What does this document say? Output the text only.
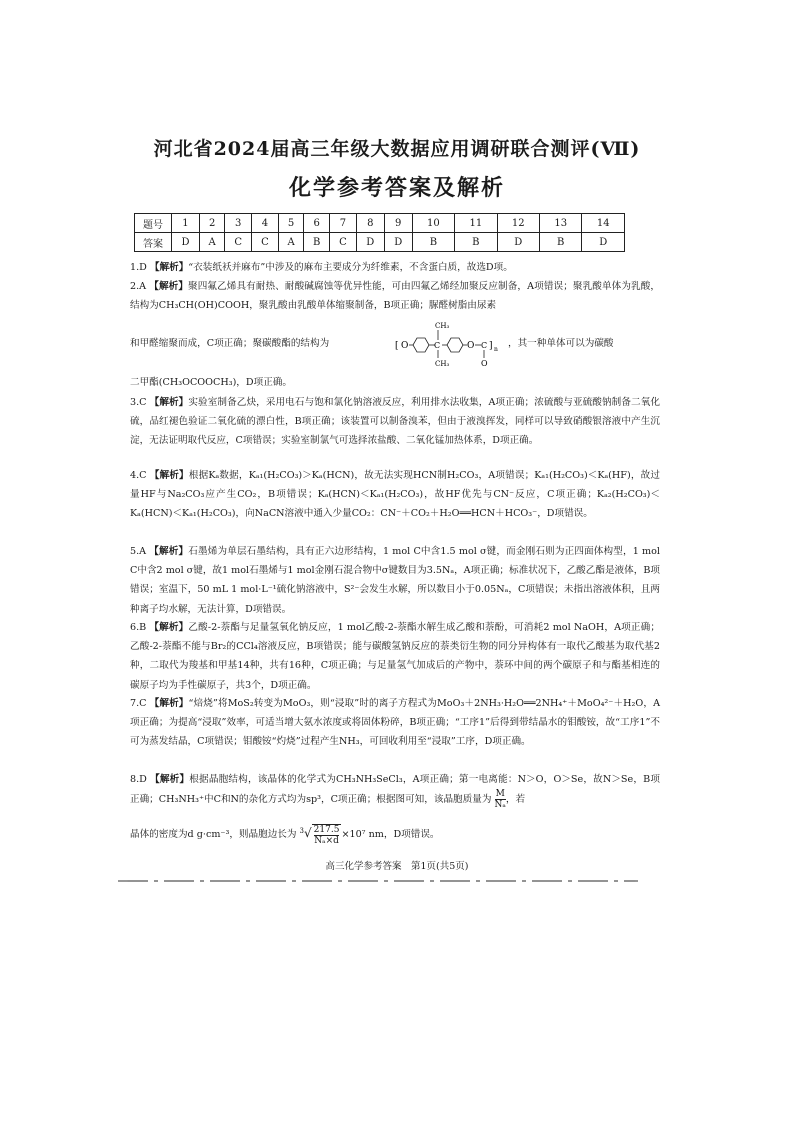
河北省2024届高三年级大数据应用调研联合测评(Ⅶ)
化学参考答案及解析
题号	1	2	3	4	5	6	7	8	9	10	11	12	13	14
答案	D	A	C	C	A	B	C	D	D	B	B	D	B	D
1.D 【解析】“衣装纸袄并麻布”中涉及的麻布主要成分为纤维素，不含蛋白质，故选D项。
2.A 【解析】聚四氟乙烯具有耐热、耐酸碱腐蚀等优异性能，可由四氟乙烯经加聚反应制备，A项错误；聚乳酸单体为乳酸，结构为CH₃CH(OH)COOH，聚乳酸由乳酸单体缩聚制备，B项正确；脲醛树脂由尿素
和甲醛缩聚而成，C项正确；聚碳酸酯的结构为	，其一种单体可以为碳酸
[ O	C
CH₃
CH₃
O C
O
] n
二甲酯(CH₃OCOOCH₃)，D项正确。
3.C 【解析】实验室制备乙炔，采用电石与饱和氯化钠溶液反应，利用排水法收集，A项正确；浓硫酸与亚硫酸钠制备二氧化硫，品红褪色验证二氧化硫的漂白性，B项正确；该装置可以制备溴苯，但由于液溴挥发，同样可以导致硝酸银溶液中产生沉淀，无法证明取代反应，C项错误；实验室制氯气可选择浓盐酸、二氧化锰加热体系，D项正确。
4.C 【解析】根据Kₐ数据，Kₐ₁(H₂CO₃)＞Kₐ(HCN)，故无法实现HCN制H₂CO₃，A项错误；Kₐ₁(H₂CO₃)＜Kₐ(HF)，故过量HF与Na₂CO₃应产生CO₂，B项错误；Kₐ(HCN)＜Kₐ₁(H₂CO₃)，故HF优先与CN⁻反应，C项正确；Kₐ₂(H₂CO₃)＜Kₐ(HCN)＜Kₐ₁(H₂CO₃)，向NaCN溶液中通入少量CO₂：CN⁻＋CO₂＋H₂O══HCN＋HCO₃⁻，D项错误。
5.A 【解析】石墨烯为单层石墨结构，具有正六边形结构，1 mol C中含1.5 mol σ键，而金刚石则为正四面体构型，1 mol C中含2 mol σ键，故1 mol石墨烯与1 mol金刚石混合物中σ键数目为3.5Nₐ，A项正确；标准状况下，乙酸乙酯是液体，B项错误；室温下，50 mL 1 mol·L⁻¹硫化钠溶液中，S²⁻会发生水解，所以数目小于0.05Nₐ，C项错误；未指出溶液体积，且两种离子均水解，无法计算，D项错误。
6.B 【解析】乙酸-2-萘酯与足量氢氧化钠反应，1 mol乙酸-2-萘酯水解生成乙酸和萘酚，可消耗2 mol NaOH，A项正确；乙酸-2-萘酯不能与Br₂的CCl₄溶液反应，B项错误；能与碳酸氢钠反应的萘类衍生物的同分异构体有一取代乙酸基为取代基2种，二取代为羧基和甲基14种，共有16种，C项正确；与足量氢气加成后的产物中，萘环中间的两个碳原子和与酯基相连的碳原子均为手性碳原子，共3个，D项正确。
7.C 【解析】“焙烧”将MoS₂转变为MoO₃，则“浸取”时的离子方程式为MoO₃＋2NH₃·H₂O══2NH₄⁺＋MoO₄²⁻＋H₂O，A项正确；为提高“浸取”效率，可适当增大氨水浓度或将固体粉碎，B项正确；“工序1”后得到带结晶水的钼酸铵，故“工序1”不可为蒸发结晶，C项错误；钼酸铵“灼烧”过程产生NH₃，可回收利用至“浸取”工序，D项正确。
8.D 【解析】根据晶胞结构，该晶体的化学式为CH₃NH₃SeCl₃，A项正确；第一电离能：N＞O，O＞Se，故N＞Se，B项正确；CH₃NH₃⁺中C和N的杂化方式均为sp³，C项正确；根据图可知，该晶胞质量为 $\frac{M}{\text{Nₐ}}$ ，若
晶体的密度为d g·cm⁻³，则晶胞边长为 $^3√ \frac{217.5}{\text{Nₐ×d}} \times 10^7$ nm，D项错误。
高三化学参考答案　第1页(共5页)
